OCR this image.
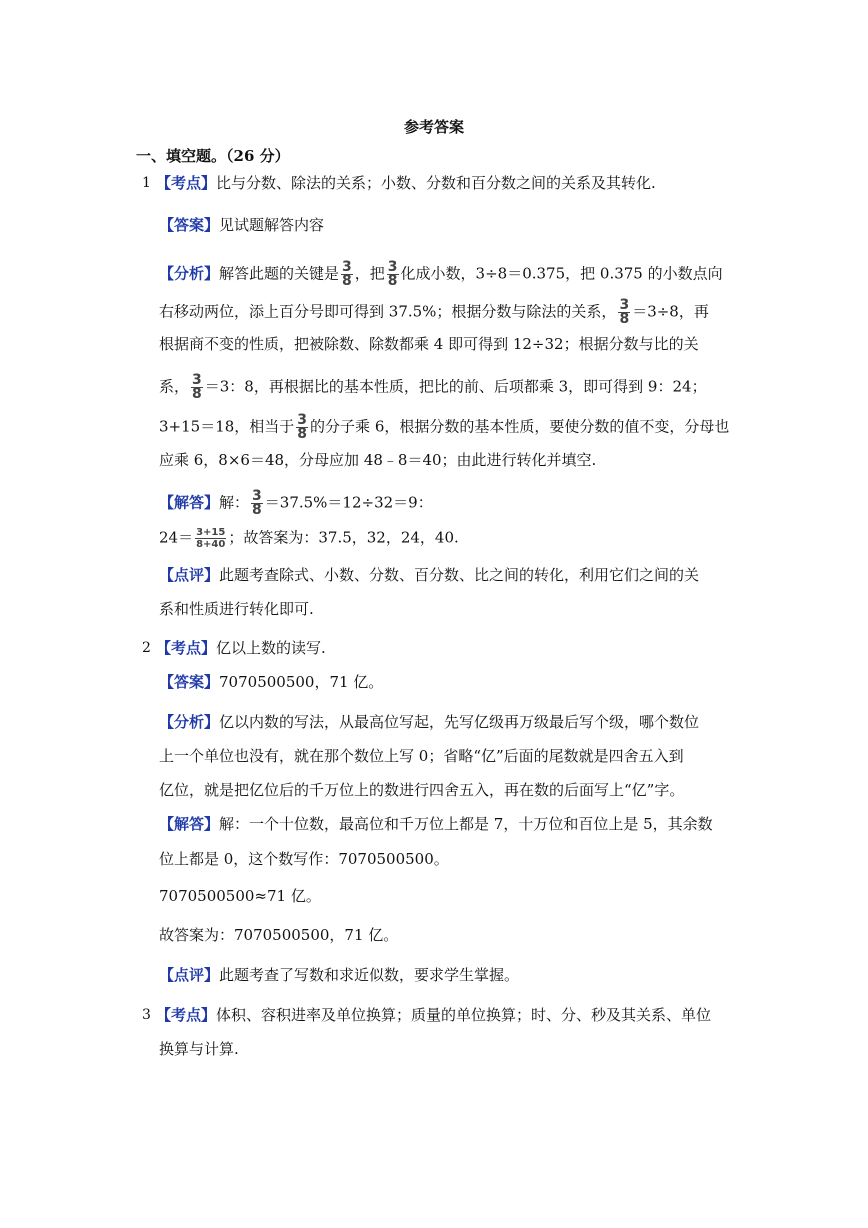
参考答案
一、填空题。（26 分）
1 【考点】比与分数、除法的关系；小数、分数和百分数之间的关系及其转化.
【答案】见试题解答内容
【分析】解答此题的关键是 $\frac{3}{8}$ ，把 $\frac{3}{8}$ 化成小数，3÷8＝0.375，把 0.375 的小数点向
右移动两位，添上百分号即可得到 37.5%；根据分数与除法的关系， $\frac{3}{8} =3\div 8$，再
根据商不变的性质，把被除数、除数都乘 4 即可得到 12÷32；根据分数与比的关
系， $\frac{3}{8} =3$：8，再根据比的基本性质，把比的前、后项都乘 3，即可得到 9：24；
3+15＝18，相当于 $\frac{3}{8}$ 的分子乘 6，根据分数的基本性质，要使分数的值不变，分母也
应乘 6，8×6＝48，分母应加 48﹣8＝40；由此进行转化并填空.
【解答】解： $\frac{3}{8} =37.5\%=12\div 32=9$：
$24= \frac{3+15}{8+40}$ ；故答案为：37.5，32，24，40.
【点评】此题考查除式、小数、分数、百分数、比之间的转化，利用它们之间的关
系和性质进行转化即可.
2 【考点】亿以上数的读写.
【答案】7070500500，71 亿。
【分析】亿以内数的写法，从最高位写起，先写亿级再万级最后写个级，哪个数位
上一个单位也没有，就在那个数位上写 0；省略“亿”后面的尾数就是四舍五入到
亿位，就是把亿位后的千万位上的数进行四舍五入，再在数的后面写上“亿”字。
【解答】解：一个十位数，最高位和千万位上都是 7，十万位和百位上是 5，其余数
位上都是 0，这个数写作：7070500500。
7070500500≈71 亿。
故答案为：7070500500，71 亿。
【点评】此题考查了写数和求近似数，要求学生掌握。
3 【考点】体积、容积进率及单位换算；质量的单位换算；时、分、秒及其关系、单位
换算与计算.
